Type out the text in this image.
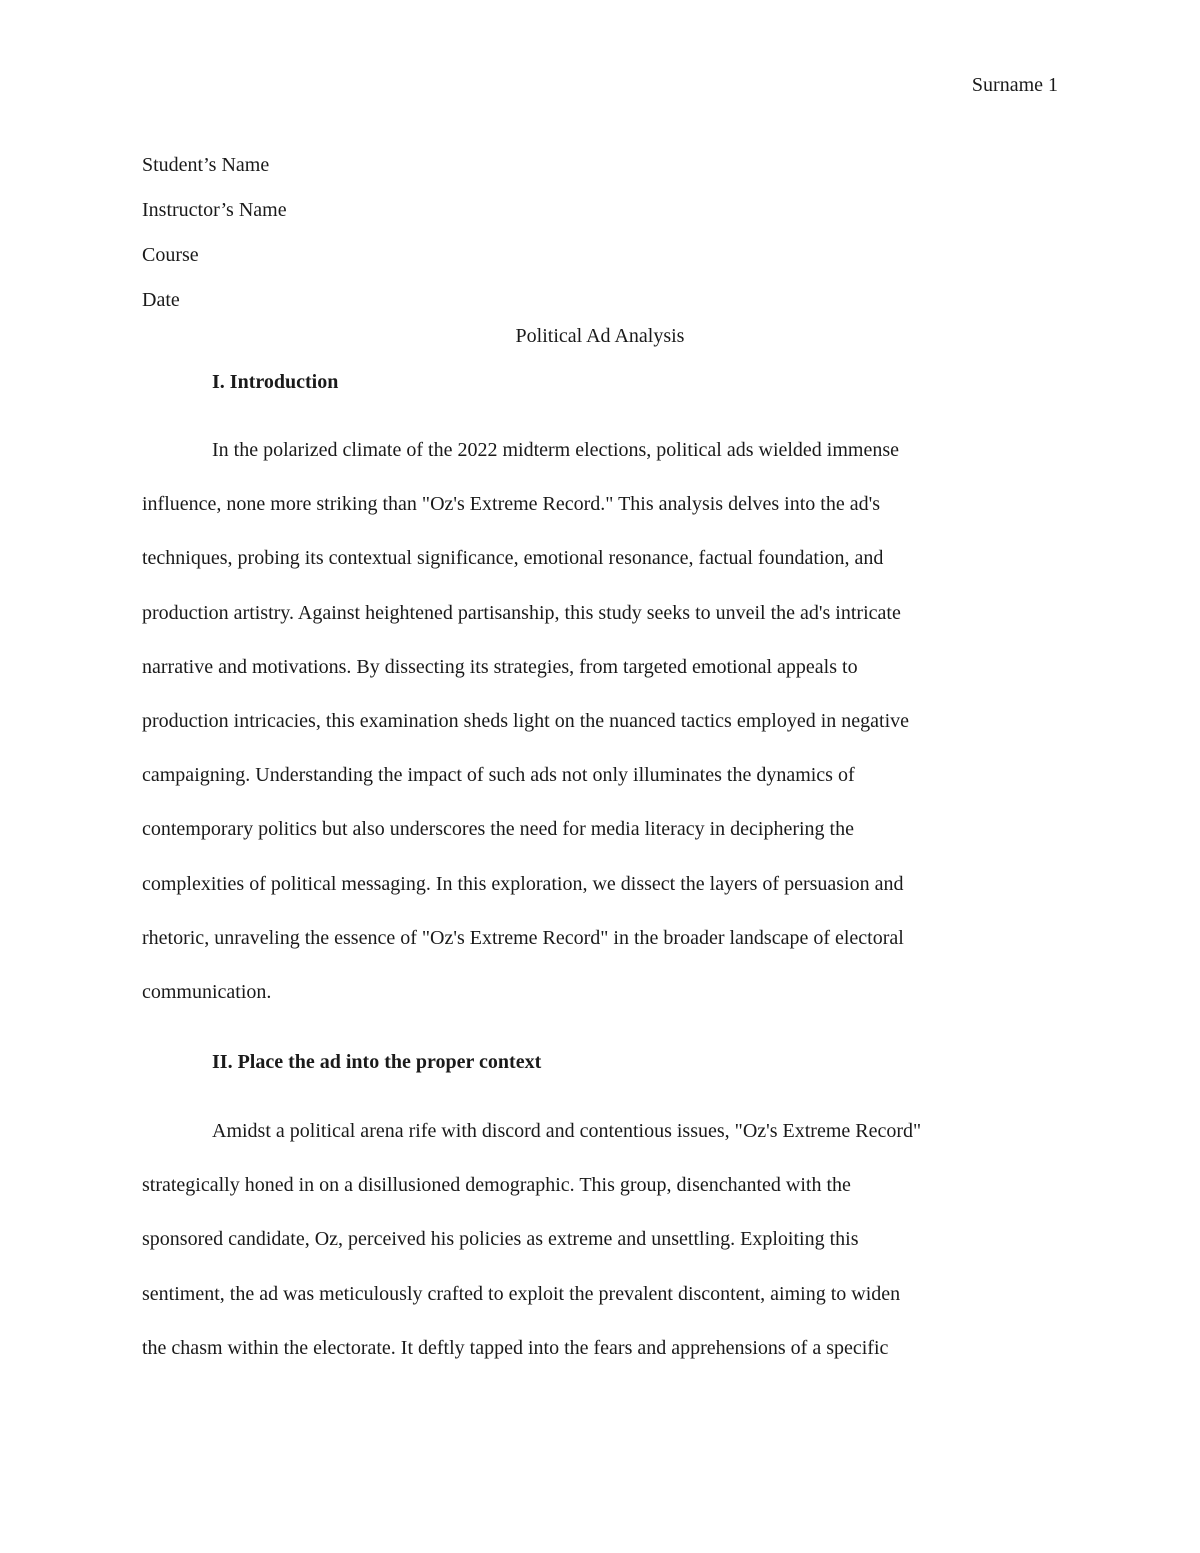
Surname 1
Student’s Name
Instructor’s Name
Course
Date
Political Ad Analysis
I. Introduction
In the polarized climate of the 2022 midterm elections, political ads wielded immense
influence, none more striking than "Oz's Extreme Record." This analysis delves into the ad's
techniques, probing its contextual significance, emotional resonance, factual foundation, and
production artistry. Against heightened partisanship, this study seeks to unveil the ad's intricate
narrative and motivations. By dissecting its strategies, from targeted emotional appeals to
production intricacies, this examination sheds light on the nuanced tactics employed in negative
campaigning. Understanding the impact of such ads not only illuminates the dynamics of
contemporary politics but also underscores the need for media literacy in deciphering the
complexities of political messaging. In this exploration, we dissect the layers of persuasion and
rhetoric, unraveling the essence of "Oz's Extreme Record" in the broader landscape of electoral
communication.
II. Place the ad into the proper context
Amidst a political arena rife with discord and contentious issues, "Oz's Extreme Record"
strategically honed in on a disillusioned demographic. This group, disenchanted with the
sponsored candidate, Oz, perceived his policies as extreme and unsettling. Exploiting this
sentiment, the ad was meticulously crafted to exploit the prevalent discontent, aiming to widen
the chasm within the electorate. It deftly tapped into the fears and apprehensions of a specific
